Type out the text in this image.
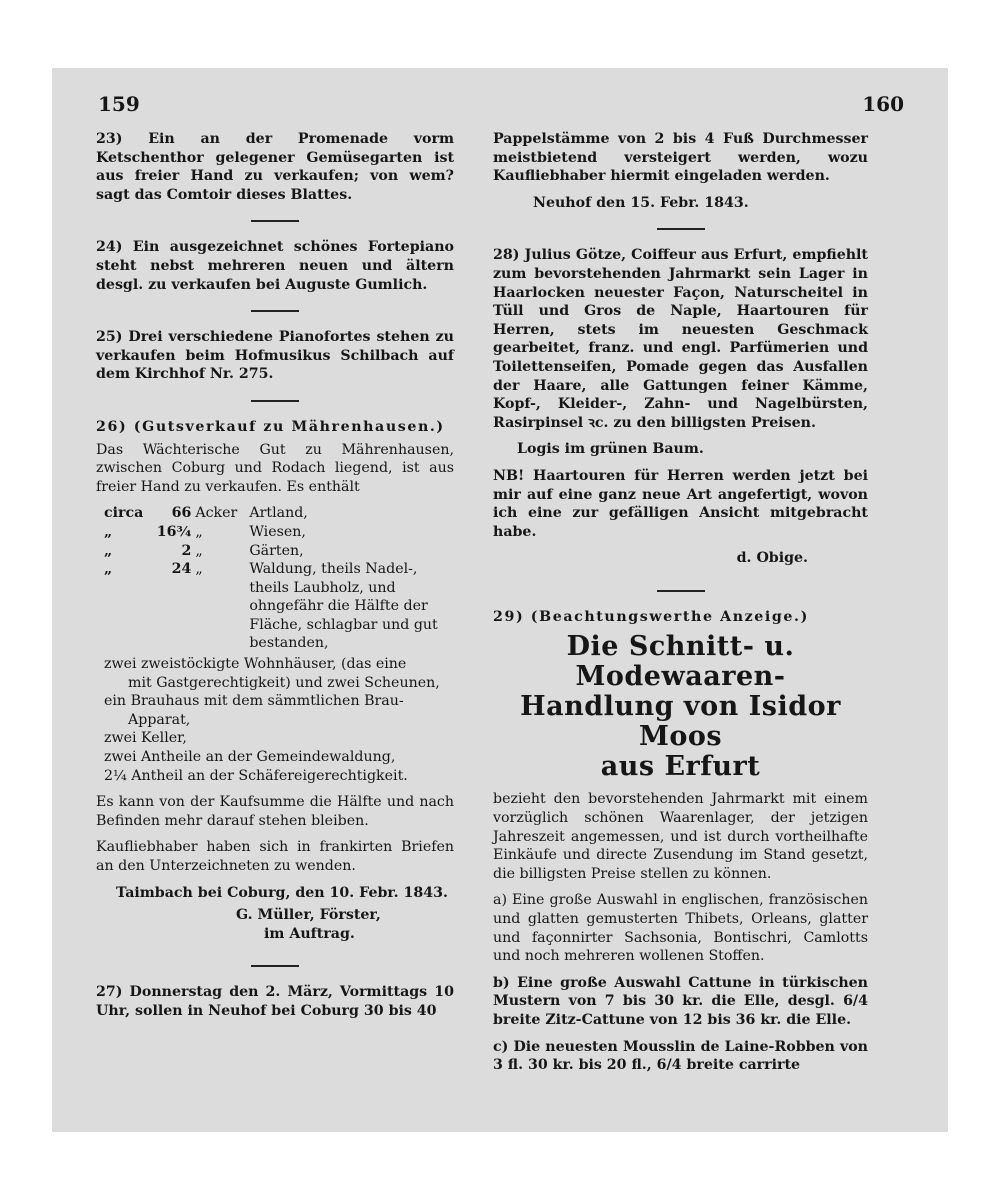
159	160

23) Ein an der Promenade vorm Ketschenthor gelegener Gemüsegarten ist aus freier Hand zu verkaufen; von wem? sagt das Comtoir dieses Blattes.

24) Ein ausgezeichnet schönes Fortepiano steht nebst mehreren neuen und ältern desgl. zu verkaufen bei Auguste Gumlich.

25) Drei verschiedene Pianofortes stehen zu verkaufen beim Hofmusikus Schilbach auf dem Kirchhof Nr. 275.

26) (Gutsverkauf zu Mährenhausen.)

Das Wächterische Gut zu Mährenhausen, zwischen Coburg und Rodach liegend, ist aus freier Hand zu verkaufen. Es enthält

circa	66	Acker	Artland,
„	16¾	„	Wiesen,
„	2	„	Gärten,
„	24	„	Waldung, theils Nadel-, theils Laubholz, und ohngefähr die Hälfte der Fläche, schlagbar und gut bestanden,
zwei zweistöckigte Wohnhäuser, (das eine
mit Gastgerechtigkeit) und zwei Scheunen,
ein Brauhaus mit dem sämmtlichen Brau-
Apparat,
zwei Keller,
zwei Antheile an der Gemeindewaldung,
2¼ Antheil an der Schäfereigerechtigkeit.

Es kann von der Kaufsumme die Hälfte und nach Befinden mehr darauf stehen bleiben.

Kaufliebhaber haben sich in frankirten Briefen an den Unterzeichneten zu wenden.

Taimbach bei Coburg, den 10. Febr. 1843.

G. Müller, Förster,
im Auftrag.

27) Donnerstag den 2. März, Vormittags 10 Uhr, sollen in Neuhof bei Coburg 30 bis 40

Pappelstämme von 2 bis 4 Fuß Durchmesser meistbietend versteigert werden, wozu Kaufliebhaber hiermit eingeladen werden.

Neuhof den 15. Febr. 1843.

28) Julius Götze, Coiffeur aus Erfurt, empfiehlt zum bevorstehenden Jahrmarkt sein Lager in Haarlocken neuester Façon, Naturscheitel in Tüll und Gros de Naple, Haartouren für Herren, stets im neuesten Geschmack gearbeitet, franz. und engl. Parfümerien und Toilettenseifen, Pomade gegen das Ausfallen der Haare, alle Gattungen feiner Kämme, Kopf-, Kleider-, Zahn- und Nagelbürsten, Rasirpinsel ꝛc. zu den billigsten Preisen.

Logis im grünen Baum.

NB! Haartouren für Herren werden jetzt bei mir auf eine ganz neue Art angefertigt, wovon ich eine zur gefälligen Ansicht mitgebracht habe.

d. Obige.

29) (Beachtungswerthe Anzeige.)

Die Schnitt- u. Modewaaren-
Handlung von Isidor Moos
aus Erfurt

bezieht den bevorstehenden Jahrmarkt mit einem vorzüglich schönen Waarenlager, der jetzigen Jahreszeit angemessen, und ist durch vortheilhafte Einkäufe und directe Zusendung im Stand gesetzt, die billigsten Preise stellen zu können.

a) Eine große Auswahl in englischen, französischen und glatten gemusterten Thibets, Orleans, glatter und façonnirter Sachsonia, Bontischri, Camlotts und noch mehreren wollenen Stoffen.

b) Eine große Auswahl Cattune in türkischen Mustern von 7 bis 30 kr. die Elle, desgl. 6/4 breite Zitz-Cattune von 12 bis 36 kr. die Elle.

c) Die neuesten Mousslin de Laine-Robben von 3 fl. 30 kr. bis 20 fl., 6/4 breite carrirte
